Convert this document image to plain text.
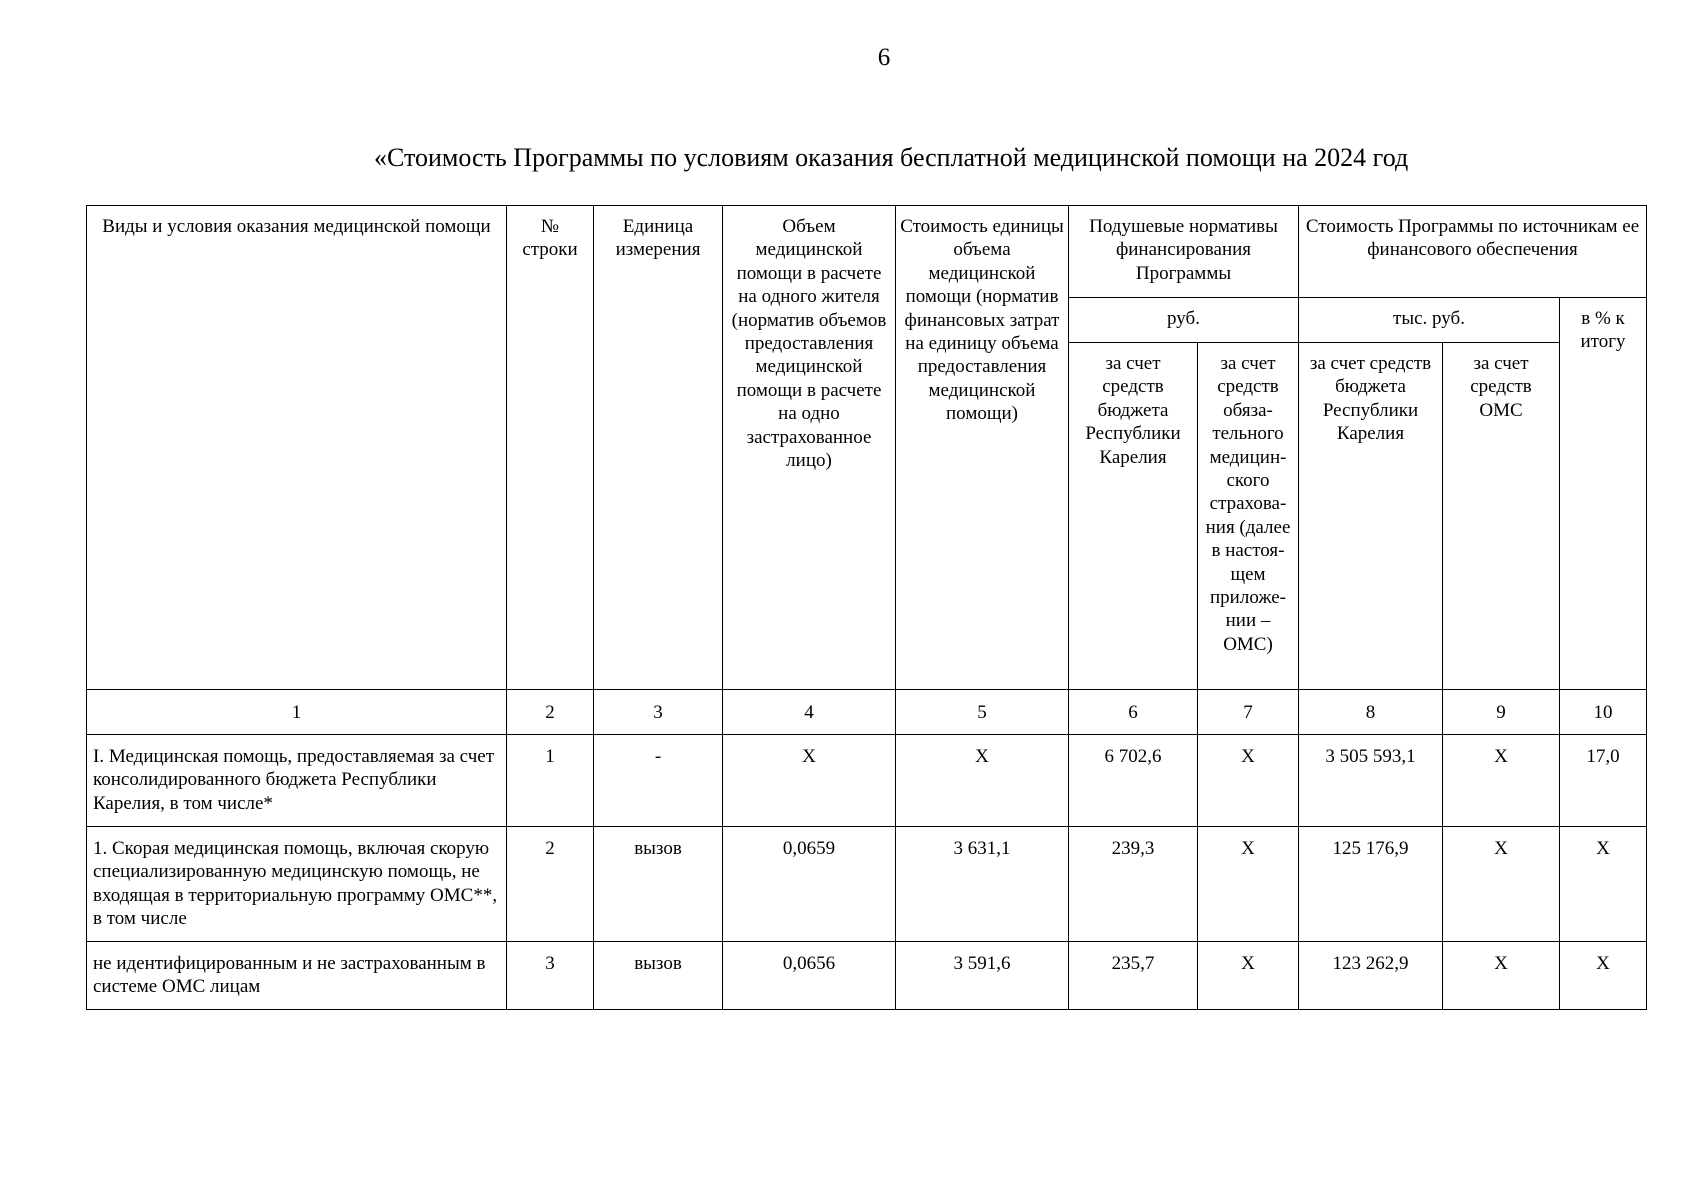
6
«Стоимость Программы по условиям оказания бесплатной медицинской помощи на 2024 год
Виды и условия оказания медицинской помощи	№ строки	Единица измерения	Объем медицинской помощи в расчете на одного жителя (норматив объемов предоставления медицинской помощи в расчете на одно застрахованное лицо)	Стоимость единицы объема медицинской помощи (норматив финансовых затрат на единицу объема предоставления медицинской помощи)	Подушевые нормативы финансирования Программы		Стоимость Программы по источникам ее финансового обеспечения		
					руб.		тыс. руб.		в % к итогу
					за счет средств бюджета Республики Карелия	за счет средств обяза-тельного медицин-ского страхова-ния (далее в настоя-щем приложе-нии – ОМС)	за счет средств бюджета Республики Карелия	за счет средств ОМС	
1	2	3	4	5	6	7	8	9	10
I. Медицинская помощь, предоставляемая за счет консолидированного бюджета Республики Карелия, в том числе*	1	-	X	X	6 702,6	X	3 505 593,1	X	17,0
1. Скорая медицинская помощь, включая скорую специализированную медицинскую помощь, не входящая в территориальную программу ОМС**, в том числе	2	вызов	0,0659	3 631,1	239,3	X	125 176,9	X	X
не идентифицированным и не застрахованным в системе ОМС лицам	3	вызов	0,0656	3 591,6	235,7	X	123 262,9	X	X
